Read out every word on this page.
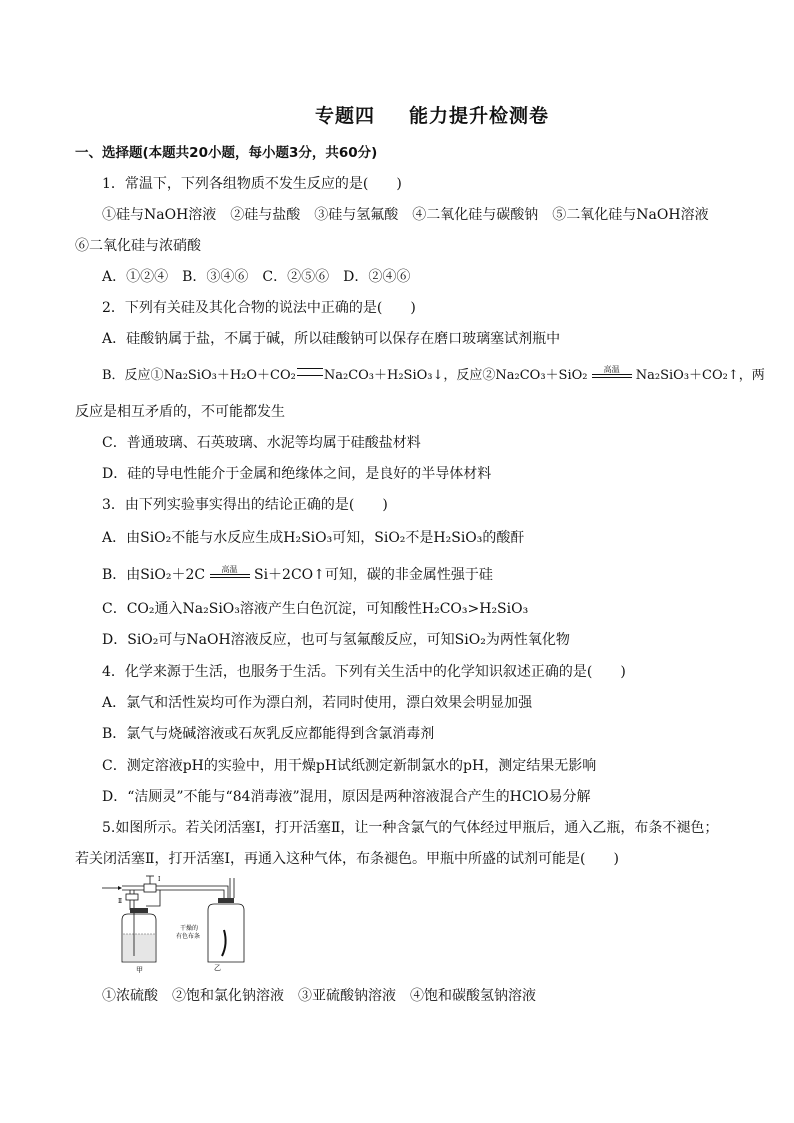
专题四 能力提升检测卷
一、选择题(本题共20小题，每小题3分，共60分)
1．常温下，下列各组物质不发生反应的是(　　)
①硅与NaOH溶液　②硅与盐酸　③硅与氢氟酸　④二氧化硅与碳酸钠　⑤二氧化硅与NaOH溶液
⑥二氧化硅与浓硝酸
A．①②④　B．③④⑥　C．②⑤⑥　D．②④⑥
2．下列有关硅及其化合物的说法中正确的是(　　)
A．硅酸钠属于盐，不属于碱，所以硅酸钠可以保存在磨口玻璃塞试剂瓶中
B．反应①Na₂SiO₃＋H₂O＋CO₂ Na₂CO₃＋H₂SiO₃↓，反应②Na₂CO₃＋SiO₂	高温	Na₂SiO₃＋CO₂↑，两
反应是相互矛盾的，不可能都发生
C．普通玻璃、石英玻璃、水泥等均属于硅酸盐材料
D．硅的导电性能介于金属和绝缘体之间，是良好的半导体材料
3．由下列实验事实得出的结论正确的是(　　)
A．由SiO₂不能与水反应生成H₂SiO₃可知，SiO₂不是H₂SiO₃的酸酐
B．由SiO₂＋2C	高温	Si＋2CO↑可知，碳的非金属性强于硅
C．CO₂通入Na₂SiO₃溶液产生白色沉淀，可知酸性H₂CO₃>H₂SiO₃
D．SiO₂可与NaOH溶液反应，也可与氢氟酸反应，可知SiO₂为两性氧化物
4．化学来源于生活，也服务于生活。下列有关生活中的化学知识叙述正确的是(　　)
A．氯气和活性炭均可作为漂白剂，若同时使用，漂白效果会明显加强
B．氯气与烧碱溶液或石灰乳反应都能得到含氯消毒剂
C．测定溶液pH的实验中，用干燥pH试纸测定新制氯水的pH，测定结果无影响
D．“洁厕灵”不能与“84消毒液”混用，原因是两种溶液混合产生的HClO易分解
5.如图所示。若关闭活塞Ⅰ，打开活塞Ⅱ，让一种含氯气的气体经过甲瓶后，通入乙瓶，布条不褪色；
若关闭活塞Ⅱ，打开活塞Ⅰ，再通入这种气体，布条褪色。甲瓶中所盛的试剂可能是(　　)
Ⅰ
Ⅱ
甲	乙
干燥的
有色布条
①浓硫酸　②饱和氯化钠溶液　③亚硫酸钠溶液　④饱和碳酸氢钠溶液
